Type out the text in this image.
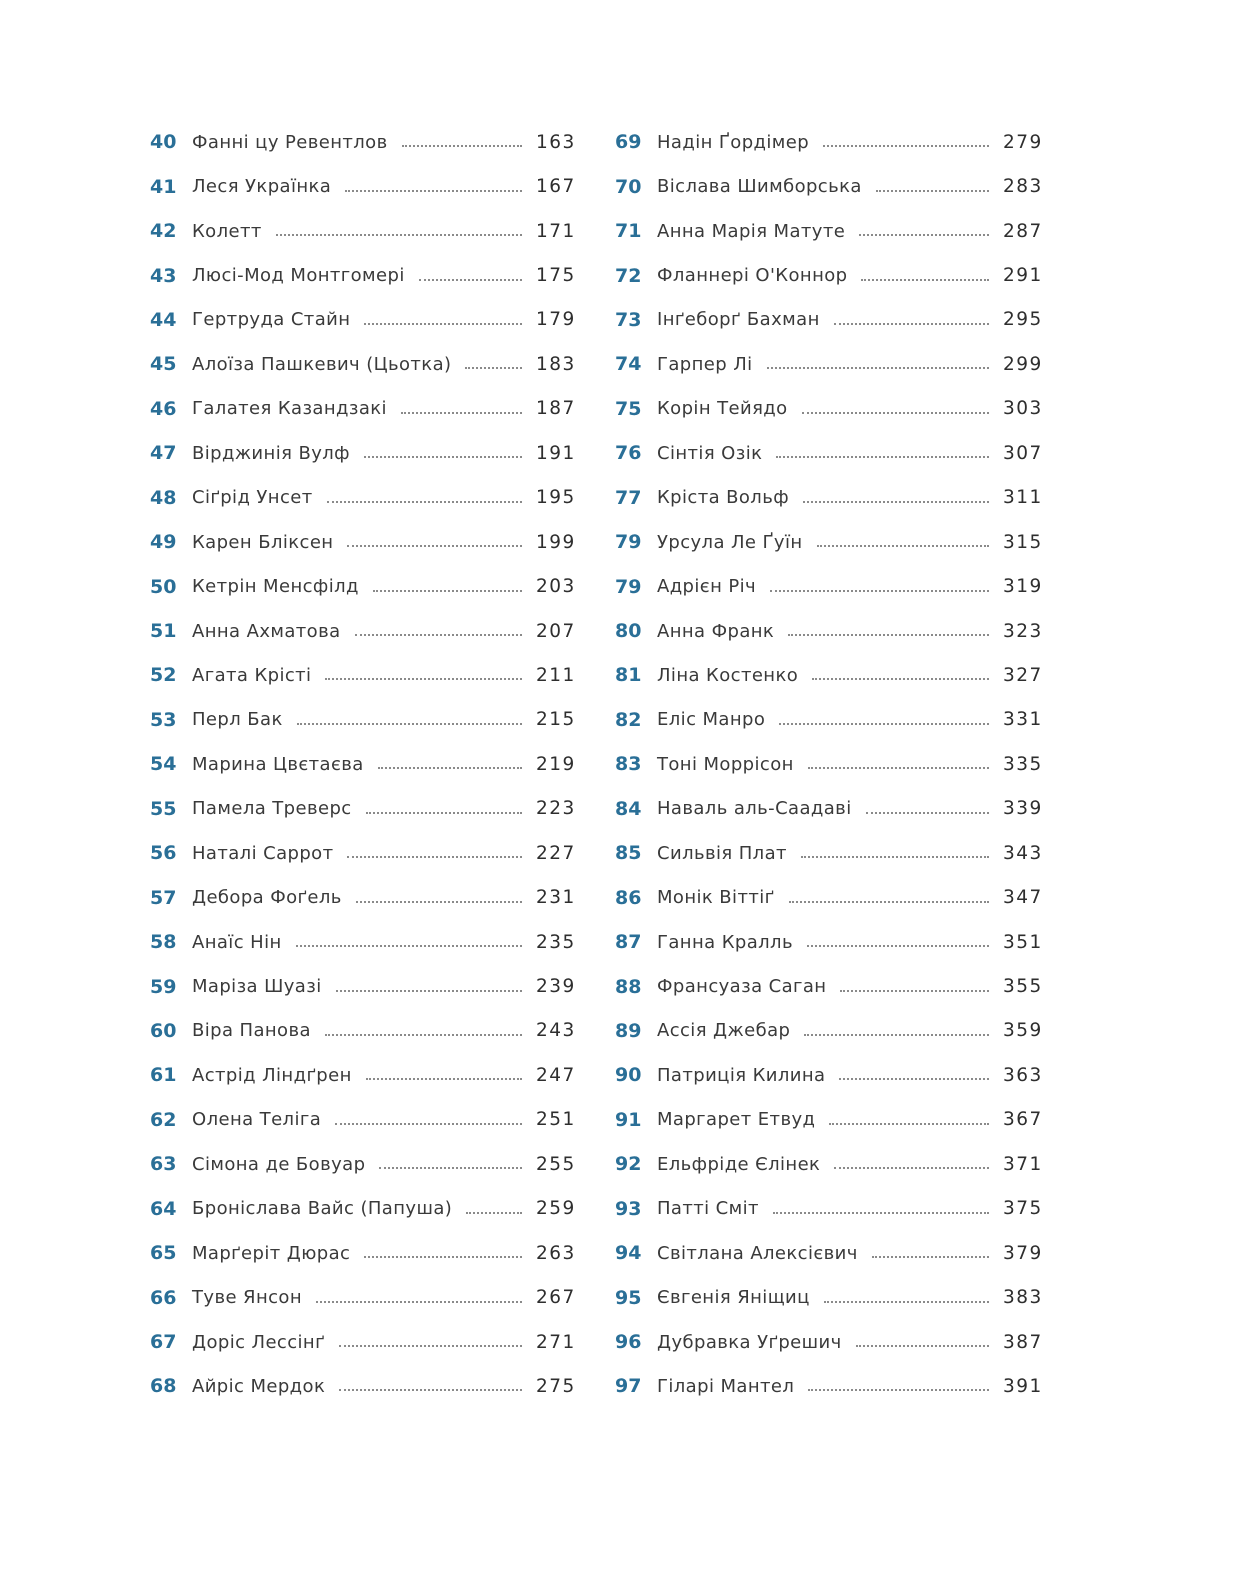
40 Фанні цу Ревентлов	163
41 Леся Українка	167
42 Колетт	171
43 Люсі-Мод Монтгомері	175
44 Гертруда Стайн	179
45 Алоїза Пашкевич (Цьотка)	183
46 Галатея Казандзакі	187
47 Вірджинія Вулф	191
48 Сіґрід Унсет	195
49 Карен Бліксен	199
50 Кетрін Менсфілд	203
51 Анна Ахматова	207
52 Агата Крісті	211
53 Перл Бак	215
54 Марина Цвєтаєва	219
55 Памела Треверс	223
56 Наталі Саррот	227
57 Дебора Фоґель	231
58 Анаїс Нін	235
59 Маріза Шуазі	239
60 Віра Панова	243
61 Астрід Ліндґрен	247
62 Олена Теліга	251
63 Сімона де Бовуар	255
64 Броніслава Вайс (Папуша)	259
65 Марґеріт Дюрас	263
66 Туве Янсон	267
67 Доріс Лессінґ	271
68 Айріс Мердок	275
69 Надін Ґордімер	279
70 Віслава Шимборська	283
71 Анна Марія Матуте	287
72 Фланнері О'Коннор	291
73 Інґеборґ Бахман	295
74 Гарпер Лі	299
75 Корін Тейядо	303
76 Сінтія Озік	307
77 Кріста Вольф	311
79 Урсула Ле Ґуїн	315
79 Адрієн Річ	319
80 Анна Франк	323
81 Ліна Костенко	327
82 Еліс Манро	331
83 Тоні Моррісон	335
84 Наваль аль-Саадаві	339
85 Сильвія Плат	343
86 Монік Віттіґ	347
87 Ганна Кралль	351
88 Франсуаза Саган	355
89 Ассія Джебар	359
90 Патриція Килина	363
91 Маргарет Етвуд	367
92 Ельфріде Єлінек	371
93 Патті Сміт	375
94 Світлана Алексієвич	379
95 Євгенія Яніщиц	383
96 Дубравка Уґрешич	387
97 Гіларі Мантел	391
